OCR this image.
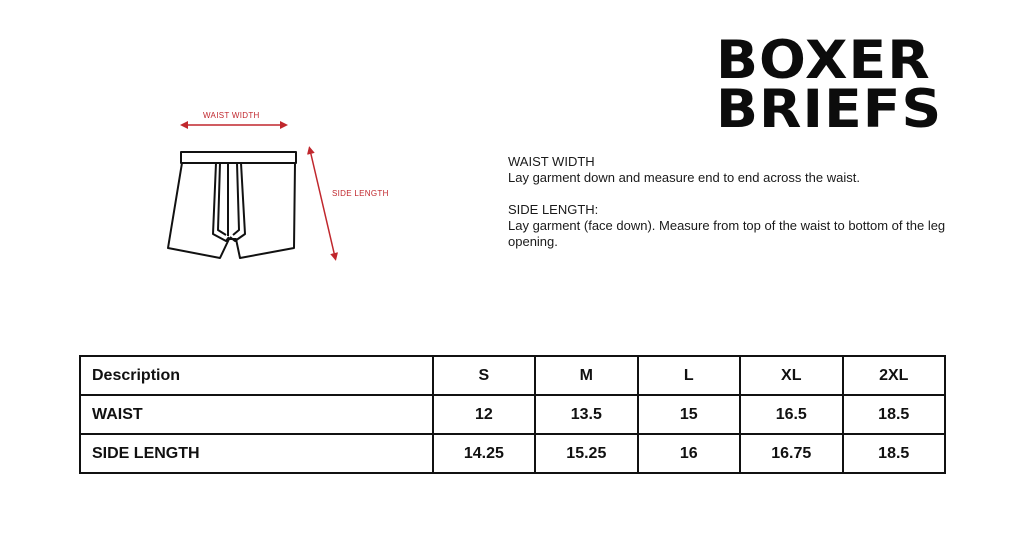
BOXER
BRIEFS
WAIST WIDTH
SIDE LENGTH

WAIST WIDTH

Lay garment down and measure end to end across the waist.

SIDE LENGTH:

Lay garment (face down). Measure from top of the waist to bottom of the leg opening.

Description	S	M	L	XL	2XL
WAIST	12	13.5	15	16.5	18.5
SIDE LENGTH	14.25	15.25	16	16.75	18.5
